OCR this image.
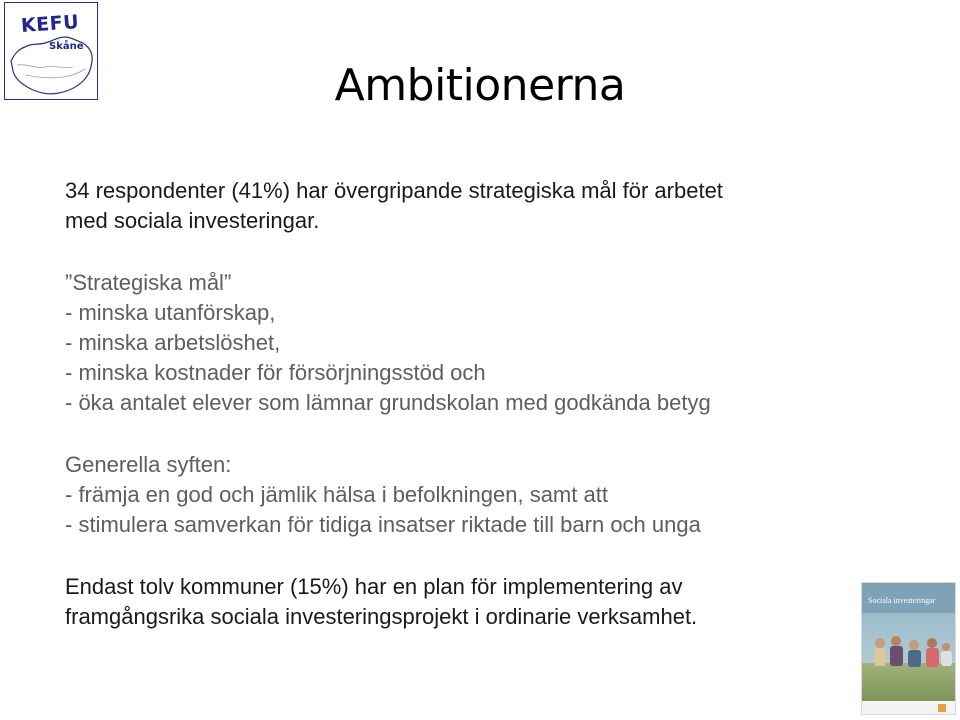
KEFU
Skåne
Ambitionerna
34 respondenter (41%) har övergripande strategiska mål för arbetet
med sociala investeringar.
”Strategiska mål”
- minska utanförskap,
- minska arbetslöshet,
- minska kostnader för försörjningsstöd och
- öka antalet elever som lämnar grundskolan med godkända betyg
Generella syften:
- främja en god och jämlik hälsa i befolkningen, samt att
- stimulera samverkan för tidiga insatser riktade till barn och unga
Endast tolv kommuner (15%) har en plan för implementering av
framgångsrika sociala investeringsprojekt i ordinarie verksamhet.
Sociala investeringar
